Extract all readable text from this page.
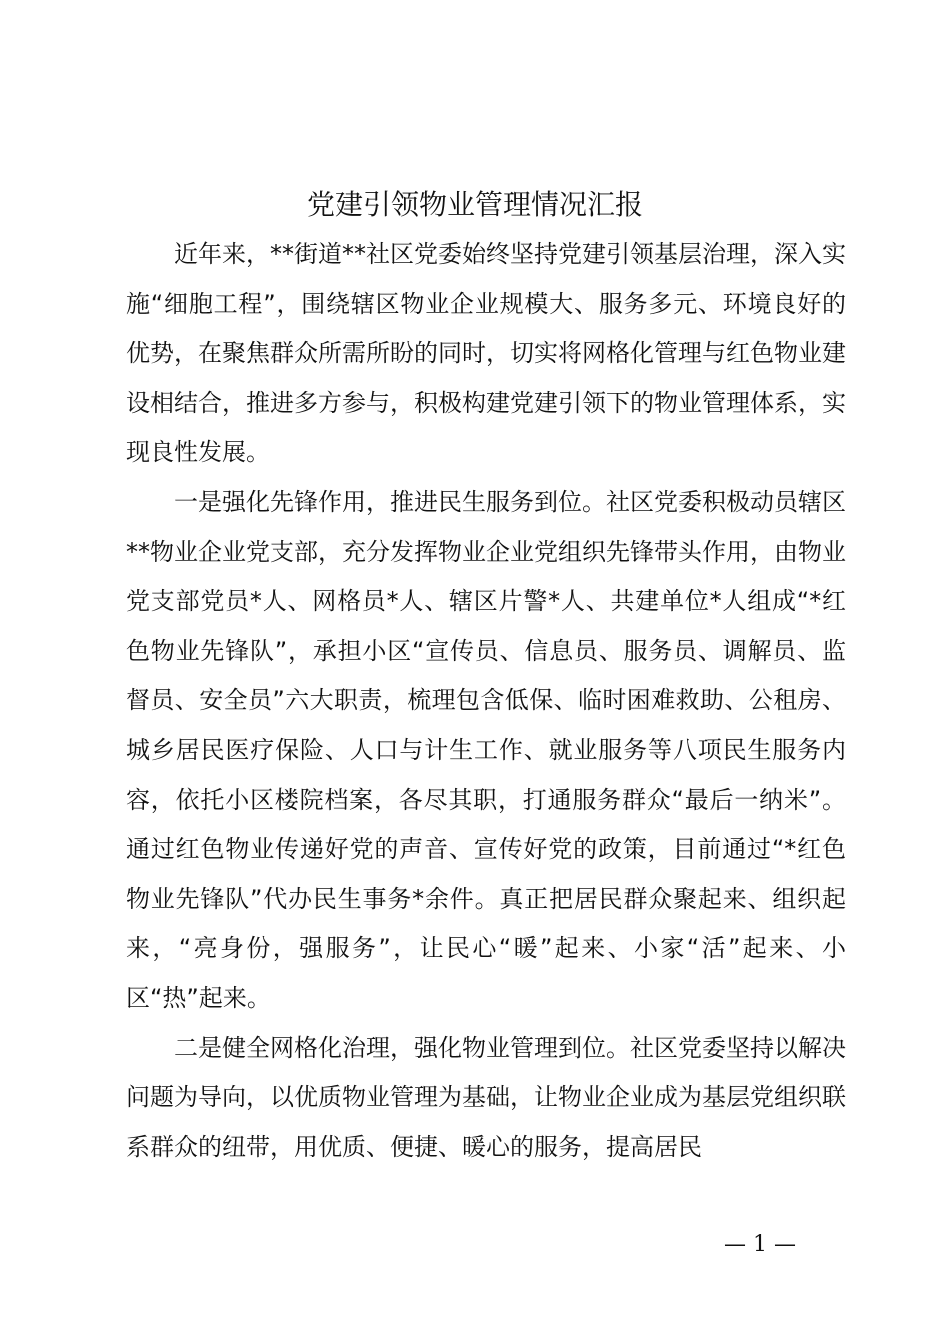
党建引领物业管理情况汇报

近年来，**街道**社区党委始终坚持党建引领基层治理，深入实施“细胞工程”，围绕辖区物业企业规模大、服务多元、环境良好的优势，在聚焦群众所需所盼的同时，切实将网格化管理与红色物业建设相结合，推进多方参与，积极构建党建引领下的物业管理体系，实现良性发展。

一是强化先锋作用，推进民生服务到位。社区党委积极动员辖区**物业企业党支部，充分发挥物业企业党组织先锋带头作用，由物业党支部党员*人、网格员*人、辖区片警*人、共建单位*人组成“*红色物业先锋队”，承担小区“宣传员、信息员、服务员、调解员、监督员、安全员”六大职责，梳理包含低保、临时困难救助、公租房、城乡居民医疗保险、人口与计生工作、就业服务等八项民生服务内容，依托小区楼院档案，各尽其职，打通服务群众“最后一纳米”。通过红色物业传递好党的声音、宣传好党的政策，目前通过“*红色物业先锋队”代办民生事务*余件。真正把居民群众聚起来、组织起来，“亮身份，强服务”，让民心“暖”起来、小家“活”起来、小区“热”起来。

二是健全网格化治理，强化物业管理到位。社区党委坚持以解决问题为导向，以优质物业管理为基础，让物业企业成为基层党组织联系群众的纽带，用优质、便捷、暖心的服务，提高居民

— 1 —
